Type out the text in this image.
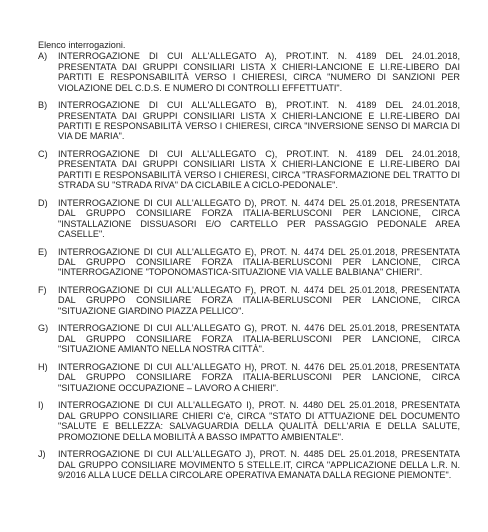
Elenco interrogazioni.
A)	INTERROGAZIONE DI CUI ALL'ALLEGATO A), PROT.INT. N. 4189 DEL 24.01.2018, PRESENTATA DAI GRUPPI CONSILIARI LISTA X CHIERI-LANCIONE E LI.RE-LIBERO DAI PARTITI E RESPONSABILITÀ VERSO I CHIERESI, CIRCA "NUMERO DI SANZIONI PER VIOLAZIONE DEL C.D.S. E NUMERO DI CONTROLLI EFFETTUATI".
B)	INTERROGAZIONE DI CUI ALL'ALLEGATO B), PROT.INT. N. 4189 DEL 24.01.2018, PRESENTATA DAI GRUPPI CONSILIARI LISTA X CHIERI-LANCIONE E LI.RE-LIBERO DAI PARTITI E RESPONSABILITÀ VERSO I CHIERESI, CIRCA "INVERSIONE SENSO DI MARCIA DI VIA DE MARIA".
C)	INTERROGAZIONE DI CUI ALL'ALLEGATO C), PROT.INT. N. 4189 DEL 24.01.2018, PRESENTATA DAI GRUPPI CONSILIARI LISTA X CHIERI-LANCIONE E LI.RE-LIBERO DAI PARTITI E RESPONSABILITÀ VERSO I CHIERESI, CIRCA "TRASFORMAZIONE DEL TRATTO DI STRADA SU "STRADA RIVA" DA CICLABILE A CICLO-PEDONALE".
D)	INTERROGAZIONE DI CUI ALL'ALLEGATO D), PROT. N. 4474 DEL 25.01.2018, PRESENTATA DAL GRUPPO CONSILIARE FORZA ITALIA-BERLUSCONI PER LANCIONE, CIRCA "INSTALLAZIONE DISSUASORI E/O CARTELLO PER PASSAGGIO PEDONALE AREA CASELLE".
E)	INTERROGAZIONE DI CUI ALL'ALLEGATO E), PROT. N. 4474 DEL 25.01.2018, PRESENTATA DAL GRUPPO CONSILIARE FORZA ITALIA-BERLUSCONI PER LANCIONE, CIRCA "INTERROGAZIONE "TOPONOMASTICA-SITUAZIONE VIA VALLE BALBIANA" CHIERI".
F)	INTERROGAZIONE DI CUI ALL'ALLEGATO F), PROT. N. 4474 DEL 25.01.2018, PRESENTATA DAL GRUPPO CONSILIARE FORZA ITALIA-BERLUSCONI PER LANCIONE, CIRCA "SITUAZIONE GIARDINO PIAZZA PELLICO".
G)	INTERROGAZIONE DI CUI ALL'ALLEGATO G), PROT. N. 4476 DEL 25.01.2018, PRESENTATA DAL GRUPPO CONSILIARE FORZA ITALIA-BERLUSCONI PER LANCIONE, CIRCA "SITUAZIONE AMIANTO NELLA NOSTRA CITTÀ".
H)	INTERROGAZIONE DI CUI ALL'ALLEGATO H), PROT. N. 4476 DEL 25.01.2018, PRESENTATA DAL GRUPPO CONSILIARE FORZA ITALIA-BERLUSCONI PER LANCIONE, CIRCA "SITUAZIONE OCCUPAZIONE – LAVORO A CHIERI".
I)	INTERROGAZIONE DI CUI ALL'ALLEGATO I), PROT. N. 4480 DEL 25.01.2018, PRESENTATA DAL GRUPPO CONSILIARE CHIERI C'è, CIRCA "STATO DI ATTUAZIONE DEL DOCUMENTO "SALUTE E BELLEZZA: SALVAGUARDIA DELLA QUALITÀ DELL'ARIA E DELLA SALUTE, PROMOZIONE DELLA MOBILITÀ A BASSO IMPATTO AMBIENTALE".
J)	INTERROGAZIONE DI CUI ALL'ALLEGATO J), PROT. N. 4485 DEL 25.01.2018, PRESENTATA DAL GRUPPO CONSILIARE MOVIMENTO 5 STELLE.IT, CIRCA "APPLICAZIONE DELLA L.R. N. 9/2016 ALLA LUCE DELLA CIRCOLARE OPERATIVA EMANATA DALLA REGIONE PIEMONTE".
